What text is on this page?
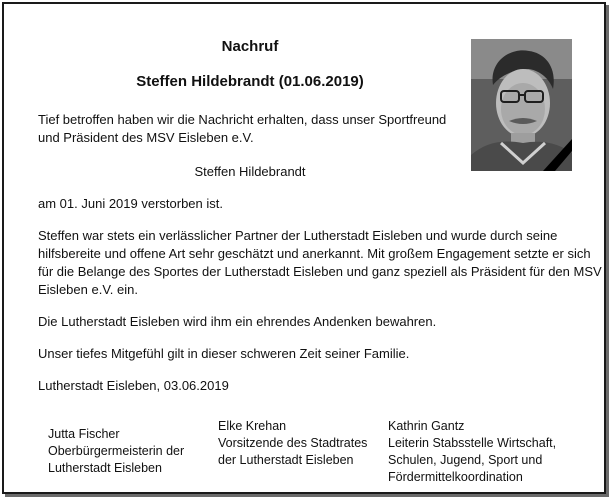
Nachruf
Steffen Hildebrandt (01.06.2019)
Tief betroffen haben wir die Nachricht erhalten, dass unser Sportfreund
und Präsident des MSV Eisleben e.V.
Steffen Hildebrandt
am 01. Juni 2019 verstorben ist.
Steffen war stets ein verlässlicher Partner der Lutherstadt Eisleben und wurde durch seine
hilfsbereite und offene Art sehr geschätzt und anerkannt. Mit großem Engagement setzte er sich
für die Belange des Sportes der Lutherstadt Eisleben und ganz speziell als Präsident für den MSV
Eisleben e.V. ein.
Die Lutherstadt Eisleben wird ihm ein ehrendes Andenken bewahren.
Unser tiefes Mitgefühl gilt in dieser schweren Zeit seiner Familie.
Lutherstadt Eisleben, 03.06.2019
Jutta Fischer
Oberbürgermeisterin der
Lutherstadt Eisleben
Elke Krehan
Vorsitzende des Stadtrates
der Lutherstadt Eisleben
Kathrin Gantz
Leiterin Stabsstelle Wirtschaft,
Schulen, Jugend, Sport und
Fördermittelkoordination
